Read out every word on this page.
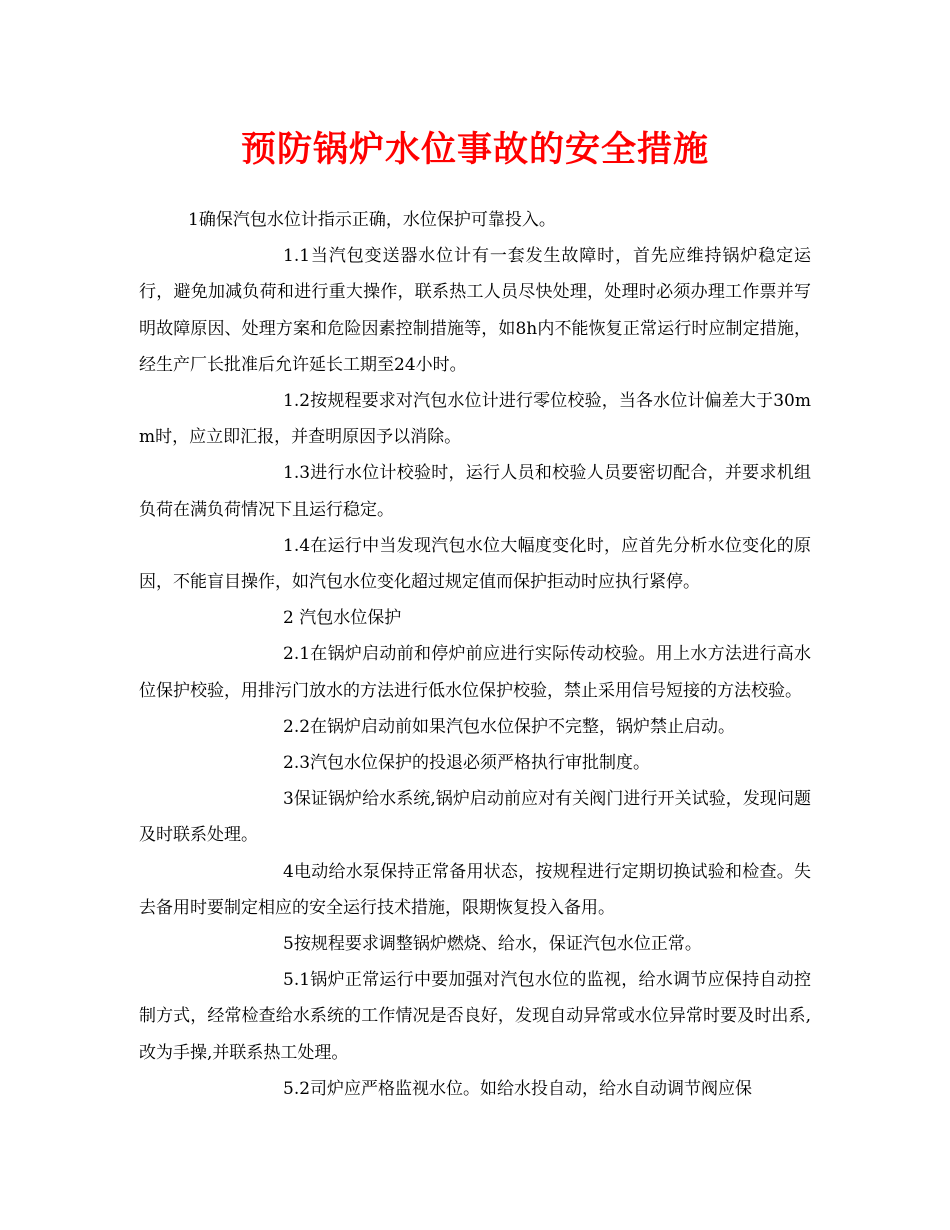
预防锅炉水位事故的安全措施

1确保汽包水位计指示正确，水位保护可靠投入。

1.1当汽包变送器水位计有一套发生故障时，首先应维持锅炉稳定运行，避免加减负荷和进行重大操作，联系热工人员尽快处理，处理时必须办理工作票并写明故障原因、处理方案和危险因素控制措施等，如8h内不能恢复正常运行时应制定措施，经生产厂长批准后允许延长工期至24小时。

1.2按规程要求对汽包水位计进行零位校验，当各水位计偏差大于30mm时，应立即汇报，并查明原因予以消除。

1.3进行水位计校验时，运行人员和校验人员要密切配合，并要求机组负荷在满负荷情况下且运行稳定。

1.4在运行中当发现汽包水位大幅度变化时，应首先分析水位变化的原因，不能盲目操作，如汽包水位变化超过规定值而保护拒动时应执行紧停。

2 汽包水位保护

2.1在锅炉启动前和停炉前应进行实际传动校验。用上水方法进行高水位保护校验，用排污门放水的方法进行低水位保护校验，禁止采用信号短接的方法校验。

2.2在锅炉启动前如果汽包水位保护不完整，锅炉禁止启动。

2.3汽包水位保护的投退必须严格执行审批制度。

3保证锅炉给水系统,锅炉启动前应对有关阀门进行开关试验，发现问题及时联系处理。

4电动给水泵保持正常备用状态，按规程进行定期切换试验和检查。失去备用时要制定相应的安全运行技术措施，限期恢复投入备用。

5按规程要求调整锅炉燃烧、给水，保证汽包水位正常。

5.1锅炉正常运行中要加强对汽包水位的监视，给水调节应保持自动控制方式，经常检查给水系统的工作情况是否良好，发现自动异常或水位异常时要及时出系,改为手操,并联系热工处理。

5.2司炉应严格监视水位。如给水投自动，给水自动调节阀应保
